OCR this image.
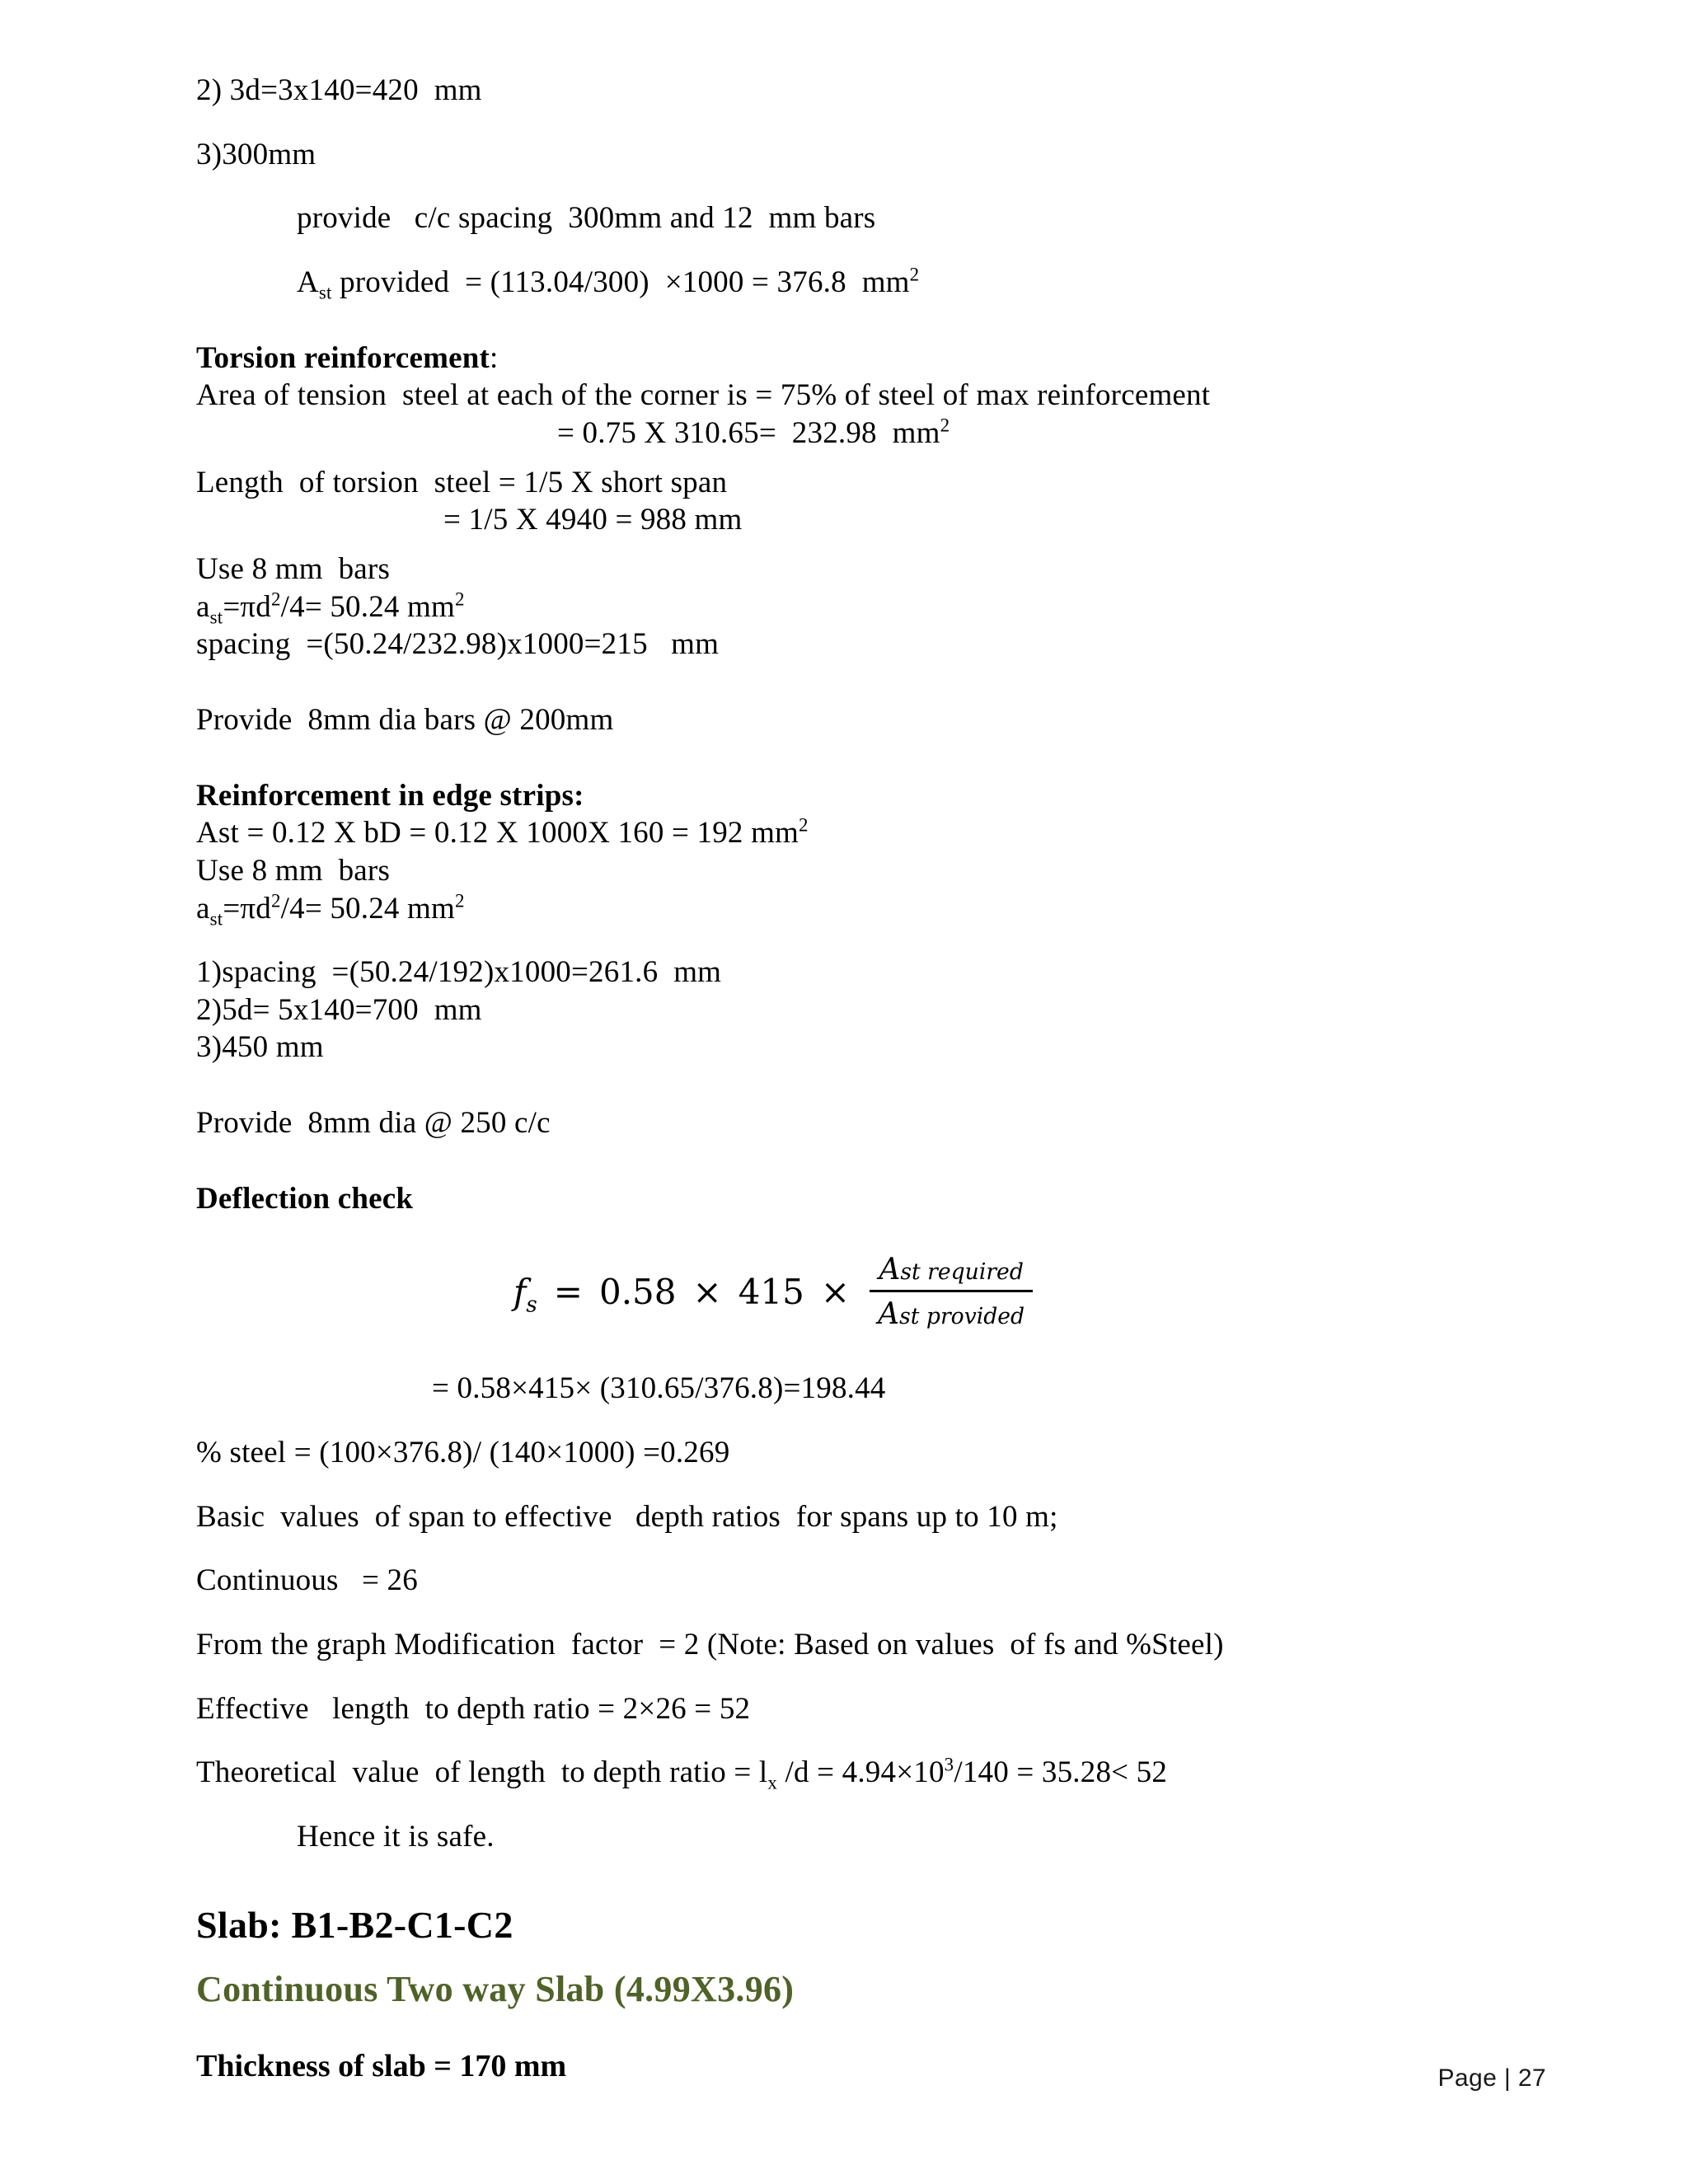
2) 3d=3x140=420  mm
3)300mm
provide   c/c spacing  300mm and 12  mm bars
$A_{st}$ provided  = (113.04/300)  ×1000 = 376.8  $mm^2$
Torsion reinforcement:
Area of tension  steel at each of the corner is = 75% of steel of max reinforcement
= 0.75 X 310.65=  232.98  $mm^2$
Length  of torsion  steel = 1/5 X short span
= 1/5 X 4940 = 988 mm
Use 8 mm  bars
$a_{st}=\pi d^2/4= 50.24$ $mm^2$
spacing  =(50.24/232.98)x1000=215   mm
Provide  8mm dia bars @ 200mm
Reinforcement in edge strips:
Ast = 0.12 X bD = 0.12 X 1000X 160 = 192 $mm^2$
Use 8 mm  bars
$a_{st}=\pi d^2/4= 50.24$ $mm^2$
1)spacing  =(50.24/192)x1000=261.6  mm
2)5d= 5x140=700  mm
3)450 mm
Provide  8mm dia @ 250 c/c
Deflection check
$f_s = 0.58 \times 415 \times \frac{\text{Ast required}}{\text{Ast provided}}$
= 0.58×415× (310.65/376.8)=198.44
% steel = (100×376.8)/ (140×1000) =0.269
Basic  values  of span to effective   depth ratios  for spans up to 10 m;
Continuous   = 26
From the graph Modification  factor  = 2 (Note: Based on values  of fs and %Steel)
Effective   length  to depth ratio = 2×26 = 52
Theoretical  value  of length  to depth ratio = $l_x$ $/d = 4.94\times 10^3/140 = 35.28< 52$
Hence it is safe.
Slab: B1-B2-C1-C2
Continuous Two way Slab (4.99X3.96)
Thickness of slab = 170 mm	Page | 27
